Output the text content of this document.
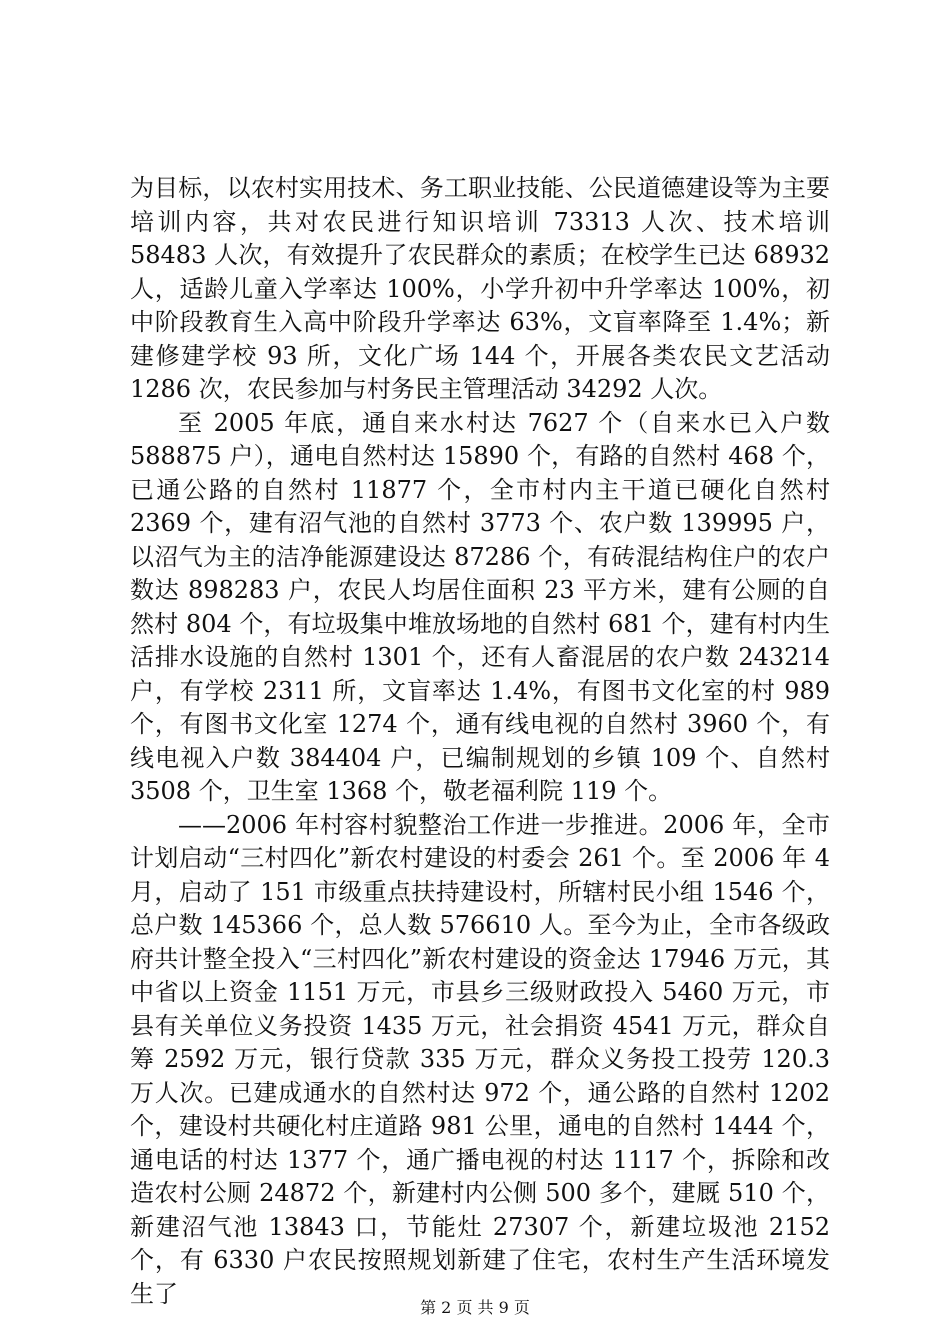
为目标，以农村实用技术、务工职业技能、公民道德建设等为主要培训内容，共对农民进行知识培训 73313 人次、技术培训 58483 人次，有效提升了农民群众的素质；在校学生已达 68932 人，适龄儿童入学率达 100%，小学升初中升学率达 100%，初中阶段教育生入高中阶段升学率达 63%，文盲率降至 1.4%；新建修建学校 93 所，文化广场 144 个，开展各类农民文艺活动 1286 次，农民参加与村务民主管理活动 34292 人次。

至 2005 年底，通自来水村达 7627 个（自来水已入户数 588875 户），通电自然村达 15890 个，有路的自然村 468 个，已通公路的自然村 11877 个，全市村内主干道已硬化自然村 2369 个，建有沼气池的自然村 3773 个、农户数 139995 户，以沼气为主的洁净能源建设达 87286 个，有砖混结构住户的农户数达 898283 户，农民人均居住面积 23 平方米，建有公厕的自然村 804 个，有垃圾集中堆放场地的自然村 681 个，建有村内生活排水设施的自然村 1301 个，还有人畜混居的农户数 243214 户，有学校 2311 所，文盲率达 1.4%，有图书文化室的村 989 个，有图书文化室 1274 个，通有线电视的自然村 3960 个，有线电视入户数 384404 户，已编制规划的乡镇 109 个、自然村 3508 个，卫生室 1368 个，敬老福利院 119 个。

——2006 年村容村貌整治工作进一步推进。2006 年，全市计划启动“三村四化”新农村建设的村委会 261 个。至 2006 年 4 月，启动了 151 市级重点扶持建设村，所辖村民小组 1546 个，总户数 145366 个，总人数 576610 人。至今为止，全市各级政府共计整全投入“三村四化”新农村建设的资金达 17946 万元，其中省以上资金 1151 万元，市县乡三级财政投入 5460 万元，市县有关单位义务投资 1435 万元，社会捐资 4541 万元，群众自筹 2592 万元，银行贷款 335 万元，群众义务投工投劳 120.3 万人次。已建成通水的自然村达 972 个，通公路的自然村 1202 个，建设村共硬化村庄道路 981 公里，通电的自然村 1444 个，通电话的村达 1377 个，通广播电视的村达 1117 个，拆除和改造农村公厕 24872 个，新建村内公侧 500 多个，建厩 510 个，新建沼气池 13843 口，节能灶 27307 个，新建垃圾池 2152 个，有 6330 户农民按照规划新建了住宅，农村生产生活环境发生了	第 2 页 共 9 页
